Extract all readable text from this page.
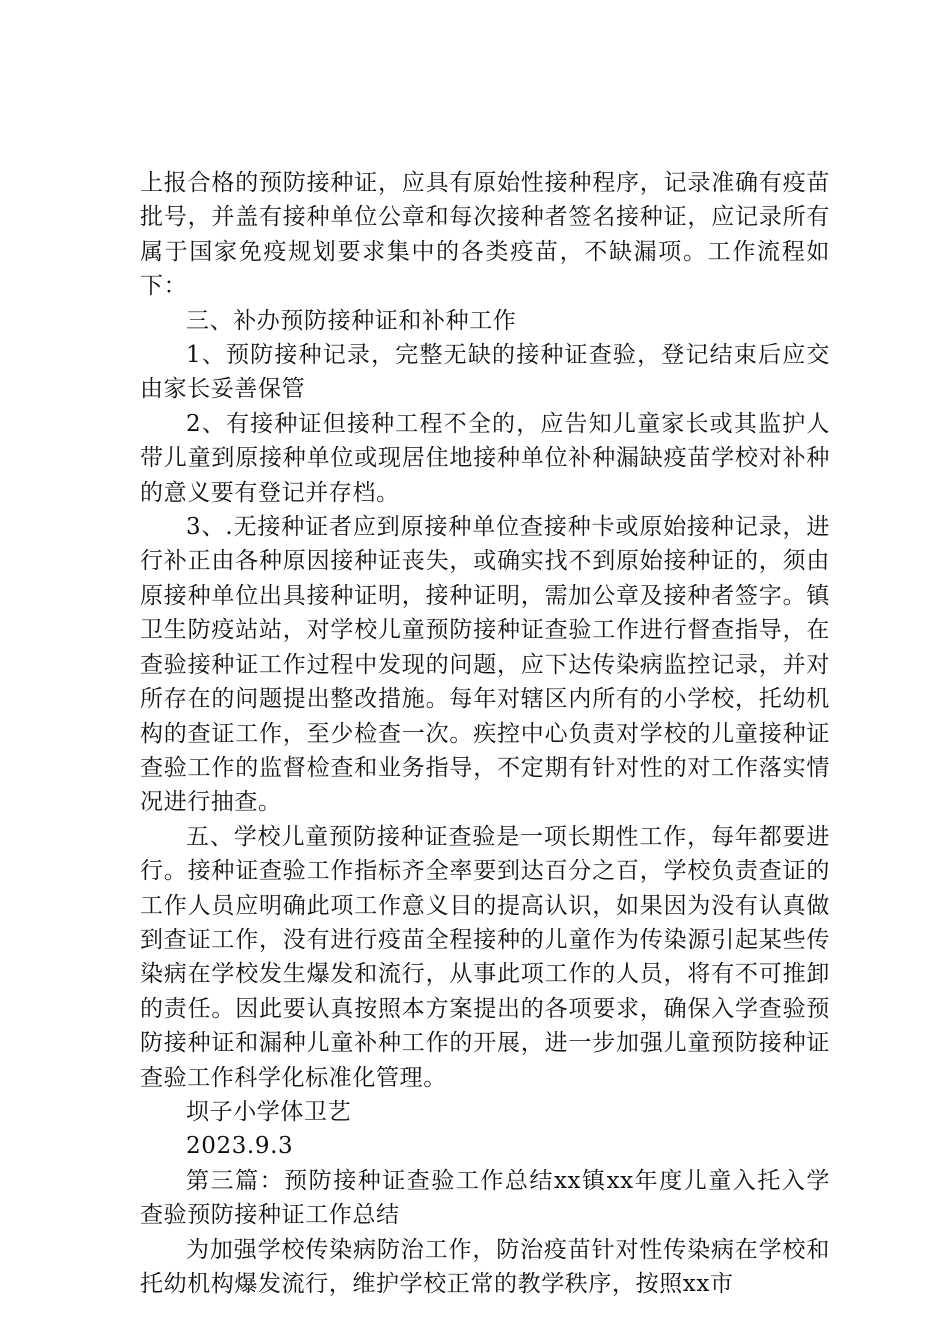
上报合格的预防接种证，应具有原始性接种程序，记录准确有疫苗批号，并盖有接种单位公章和每次接种者签名接种证，应记录所有属于国家免疫规划要求集中的各类疫苗，不缺漏项。工作流程如下：

三、补办预防接种证和补种工作

1、预防接种记录，完整无缺的接种证查验，登记结束后应交由家长妥善保管

2、有接种证但接种工程不全的，应告知儿童家长或其监护人带儿童到原接种单位或现居住地接种单位补种漏缺疫苗学校对补种的意义要有登记并存档。

3、.无接种证者应到原接种单位查接种卡或原始接种记录，进行补正由各种原因接种证丧失，或确实找不到原始接种证的，须由原接种单位出具接种证明，接种证明，需加公章及接种者签字。镇卫生防疫站站，对学校儿童预防接种证查验工作进行督查指导，在查验接种证工作过程中发现的问题，应下达传染病监控记录，并对所存在的问题提出整改措施。每年对辖区内所有的小学校，托幼机构的查证工作，至少检查一次。疾控中心负责对学校的儿童接种证查验工作的监督检查和业务指导，不定期有针对性的对工作落实情况进行抽查。

五、学校儿童预防接种证查验是一项长期性工作，每年都要进行。接种证查验工作指标齐全率要到达百分之百，学校负责查证的工作人员应明确此项工作意义目的提高认识，如果因为没有认真做到查证工作，没有进行疫苗全程接种的儿童作为传染源引起某些传染病在学校发生爆发和流行，从事此项工作的人员，将有不可推卸的责任。因此要认真按照本方案提出的各项要求，确保入学查验预防接种证和漏种儿童补种工作的开展，进一步加强儿童预防接种证查验工作科学化标准化管理。

坝子小学体卫艺

2023.9.3

第三篇：预防接种证查验工作总结xx镇xx年度儿童入托入学查验预防接种证工作总结

为加强学校传染病防治工作，防治疫苗针对性传染病在学校和托幼机构爆发流行，维护学校正常的教学秩序，按照xx市
